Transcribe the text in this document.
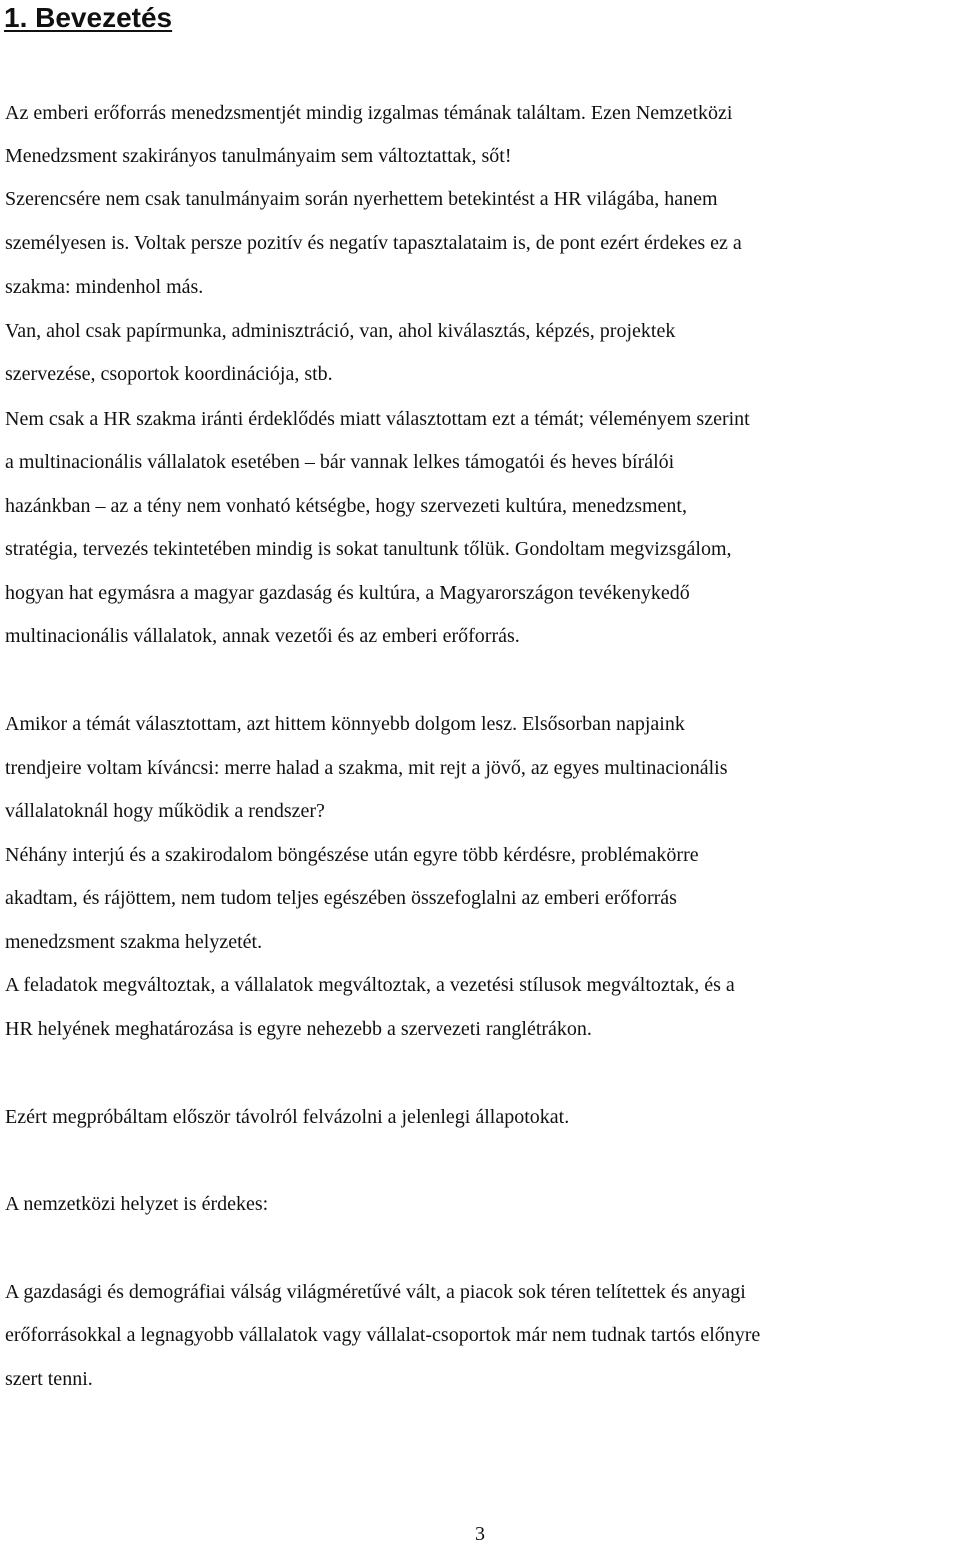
1. Bevezetés

Az emberi erőforrás menedzsmentjét mindig izgalmas témának találtam. Ezen Nemzetközi

Menedzsment szakirányos tanulmányaim sem változtattak, sőt!

Szerencsére nem csak tanulmányaim során nyerhettem betekintést a HR világába, hanem

személyesen is. Voltak persze pozitív és negatív tapasztalataim is, de pont ezért érdekes ez a

szakma: mindenhol más.

Van, ahol csak papírmunka, adminisztráció, van, ahol kiválasztás, képzés, projektek

szervezése, csoportok koordinációja, stb.

Nem csak a HR szakma iránti érdeklődés miatt választottam ezt a témát; véleményem szerint

a multinacionális vállalatok esetében – bár vannak lelkes támogatói és heves bírálói

hazánkban – az a tény nem vonható kétségbe, hogy szervezeti kultúra, menedzsment,

stratégia, tervezés tekintetében mindig is sokat tanultunk tőlük. Gondoltam megvizsgálom,

hogyan hat egymásra a magyar gazdaság és kultúra, a Magyarországon tevékenykedő

multinacionális vállalatok, annak vezetői és az emberi erőforrás.

Amikor a témát választottam, azt hittem könnyebb dolgom lesz. Elsősorban napjaink

trendjeire voltam kíváncsi: merre halad a szakma, mit rejt a jövő, az egyes multinacionális

vállalatoknál hogy működik a rendszer?

Néhány interjú és a szakirodalom böngészése után egyre több kérdésre, problémakörre

akadtam, és rájöttem, nem tudom teljes egészében összefoglalni az emberi erőforrás

menedzsment szakma helyzetét.

A feladatok megváltoztak, a vállalatok megváltoztak, a vezetési stílusok megváltoztak, és a

HR helyének meghatározása is egyre nehezebb a szervezeti ranglétrákon.

Ezért megpróbáltam először távolról felvázolni a jelenlegi állapotokat.

A nemzetközi helyzet is érdekes:

A gazdasági és demográfiai válság világméretűvé vált, a piacok sok téren telítettek és anyagi

erőforrásokkal a legnagyobb vállalatok vagy vállalat-csoportok már nem tudnak tartós előnyre

szert tenni.

3
